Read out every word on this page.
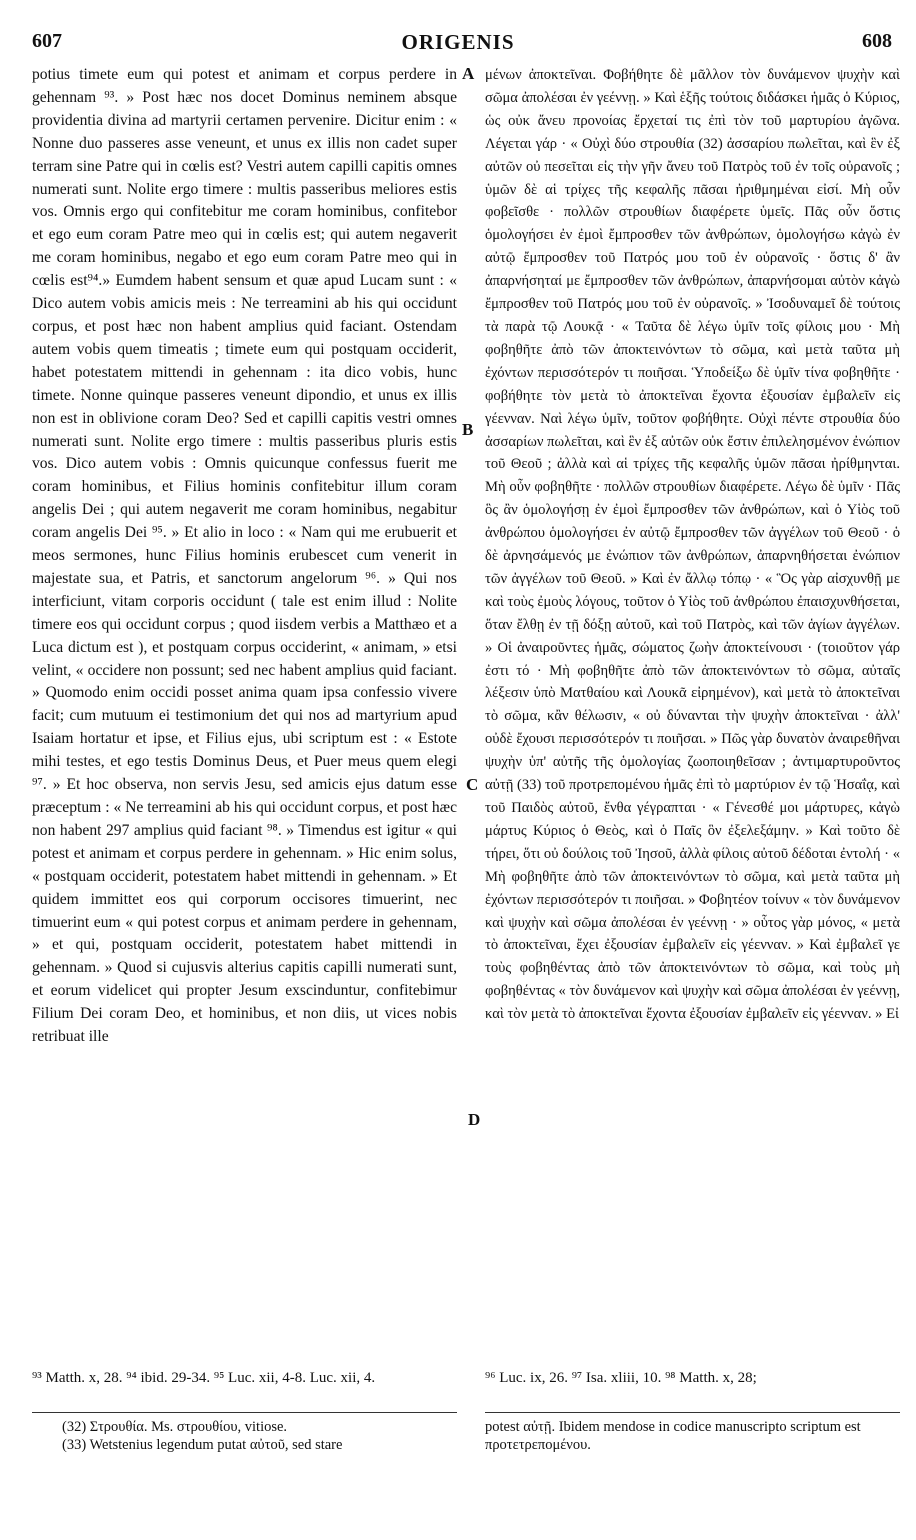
607	ORIGENIS	608

potius timete eum qui potest et animam et corpus perdere in gehennam ⁹³. » Post hæc nos docet Dominus neminem absque providentia divina ad martyrii certamen pervenire. Dicitur enim : « Nonne duo passeres asse veneunt, et unus ex illis non cadet super terram sine Patre qui in cœlis est? Vestri autem capilli capitis omnes numerati sunt. Nolite ergo timere : multis passeribus meliores estis vos. Omnis ergo qui confitebitur me coram hominibus, confitebor et ego eum coram Patre meo qui in cœlis est; qui autem negaverit me coram hominibus, negabo et ego eum coram Patre meo qui in cœlis est⁹⁴.» Eumdem habent sensum et quæ apud Lucam sunt : « Dico autem vobis amicis meis : Ne terreamini ab his qui occidunt corpus, et post hæc non habent amplius quid faciant. Ostendam autem vobis quem timeatis ; timete eum qui postquam occiderit, habet potestatem mittendi in gehennam : ita dico vobis, hunc timete. Nonne quinque passeres veneunt dipondio, et unus ex illis non est in oblivione coram Deo? Sed et capilli capitis vestri omnes numerati sunt. Nolite ergo timere : multis passeribus pluris estis vos. Dico autem vobis : Omnis quicunque confessus fuerit me coram hominibus, et Filius hominis confitebitur illum coram angelis Dei ; qui autem negaverit me coram hominibus, negabitur coram angelis Dei ⁹⁵. » Et alio in loco : « Nam qui me erubuerit et meos sermones, hunc Filius hominis erubescet cum venerit in majestate sua, et Patris, et sanctorum angelorum ⁹⁶. » Qui nos interficiunt, vitam corporis occidunt ( tale est enim illud : Nolite timere eos qui occidunt corpus ; quod iisdem verbis a Matthæo et a Luca dictum est ), et postquam corpus occiderint, « animam, » etsi velint, « occidere non possunt; sed nec habent amplius quid faciant. » Quomodo enim occidi posset anima quam ipsa confessio vivere facit; cum mutuum ei testimonium det qui nos ad martyrium apud Isaiam hortatur et ipse, et Filius ejus, ubi scriptum est : « Estote mihi testes, et ego testis Dominus Deus, et Puer meus quem elegi ⁹⁷. » Et hoc observa, non servis Jesu, sed amicis ejus datum esse præceptum : « Ne terreamini ab his qui occidunt corpus, et post hæc non habent 297 amplius quid faciant ⁹⁸. » Timendus est igitur « qui potest et animam et corpus perdere in gehennam. » Hic enim solus, « postquam occiderit, potestatem habet mittendi in gehennam. » Et quidem immittet eos qui corporum occisores timuerint, nec timuerint eum « qui potest corpus et animam perdere in gehennam, » et qui, postquam occiderit, potestatem habet mittendi in gehennam. » Quod si cujusvis alterius capitis capilli numerati sunt, et eorum videlicet qui propter Jesum exscinduntur, confitebimur Filium Dei coram Deo, et hominibus, et non diis, ut vices nobis retribuat ille

A
B
C
D

μένων ἀποκτεῖναι. Φοβήθητε δὲ μᾶλλον τὸν δυνάμενον ψυχὴν καὶ σῶμα ἀπολέσαι ἐν γεέννῃ. » Καὶ ἑξῆς τούτοις διδάσκει ἡμᾶς ὁ Κύριος, ὡς οὐκ ἄνευ προνοίας ἔρχεταί τις ἐπὶ τὸν τοῦ μαρτυρίου ἀγῶνα. Λέγεται γάρ · « Οὐχὶ δύο στρουθία (32) ἀσσαρίου πωλεῖται, καὶ ἓν ἐξ αὐτῶν οὐ πεσεῖται εἰς τὴν γῆν ἄνευ τοῦ Πατρὸς τοῦ ἐν τοῖς οὐρανοῖς ; ὑμῶν δὲ αἱ τρίχες τῆς κεφαλῆς πᾶσαι ἠριθμημέναι εἰσί. Μὴ οὖν φοβεῖσθε · πολλῶν στρουθίων διαφέρετε ὑμεῖς. Πᾶς οὖν ὅστις ὁμολογήσει ἐν ἐμοὶ ἔμπροσθεν τῶν ἀνθρώπων, ὁμολογήσω κἀγὼ ἐν αὐτῷ ἔμπροσθεν τοῦ Πατρός μου τοῦ ἐν οὐρανοῖς · ὅστις δ' ἂν ἀπαρνήσηταί με ἔμπροσθεν τῶν ἀνθρώπων, ἀπαρνήσομαι αὐτὸν κἀγὼ ἔμπροσθεν τοῦ Πατρός μου τοῦ ἐν οὐρανοῖς. » Ἰσοδυναμεῖ δὲ τούτοις τὰ παρὰ τῷ Λουκᾷ · « Ταῦτα δὲ λέγω ὑμῖν τοῖς φίλοις μου · Μὴ φοβηθῆτε ἀπὸ τῶν ἀποκτεινόντων τὸ σῶμα, καὶ μετὰ ταῦτα μὴ ἐχόντων περισσότερόν τι ποιῆσαι. Ὑποδείξω δὲ ὑμῖν τίνα φοβηθῆτε · φοβήθητε τὸν μετὰ τὸ ἀποκτεῖναι ἔχοντα ἐξουσίαν ἐμβαλεῖν εἰς γέενναν. Ναὶ λέγω ὑμῖν, τοῦτον φοβήθητε. Οὐχὶ πέντε στρουθία δύο ἀσσαρίων πωλεῖται, καὶ ἓν ἐξ αὐτῶν οὐκ ἔστιν ἐπιλελησμένον ἐνώπιον τοῦ Θεοῦ ; ἀλλὰ καὶ αἱ τρίχες τῆς κεφαλῆς ὑμῶν πᾶσαι ἠρίθμηνται. Μὴ οὖν φοβηθῆτε · πολλῶν στρουθίων διαφέρετε. Λέγω δὲ ὑμῖν · Πᾶς ὃς ἂν ὁμολογήσῃ ἐν ἐμοὶ ἔμπροσθεν τῶν ἀνθρώπων, καὶ ὁ Υἱὸς τοῦ ἀνθρώπου ὁμολογήσει ἐν αὐτῷ ἔμπροσθεν τῶν ἀγγέλων τοῦ Θεοῦ · ὁ δὲ ἀρνησάμενός με ἐνώπιον τῶν ἀνθρώπων, ἀπαρνηθήσεται ἐνώπιον τῶν ἀγγέλων τοῦ Θεοῦ. » Καὶ ἐν ἄλλῳ τόπῳ · « Ὃς γὰρ αἰσχυνθῇ με καὶ τοὺς ἐμοὺς λόγους, τοῦτον ὁ Υἱὸς τοῦ ἀνθρώπου ἐπαισχυνθήσεται, ὅταν ἔλθῃ ἐν τῇ δόξῃ αὐτοῦ, καὶ τοῦ Πατρὸς, καὶ τῶν ἁγίων ἀγγέλων. » Οἱ ἀναιροῦντες ἡμᾶς, σώματος ζωὴν ἀποκτείνουσι · (τοιοῦτον γάρ ἐστι τό · Μὴ φοβηθῆτε ἀπὸ τῶν ἀποκτεινόντων τὸ σῶμα, αὐταῖς λέξεσιν ὑπὸ Ματθαίου καὶ Λουκᾶ εἰρημένον), καὶ μετὰ τὸ ἀποκτεῖναι τὸ σῶμα, κἂν θέλωσιν, « οὐ δύνανται τὴν ψυχὴν ἀποκτεῖναι · ἀλλ' οὐδὲ ἔχουσι περισσότερόν τι ποιῆσαι. » Πῶς γὰρ δυνατὸν ἀναιρεθῆναι ψυχὴν ὑπ' αὐτῆς τῆς ὁμολογίας ζωοποιηθεῖσαν ; ἀντιμαρτυροῦντος αὐτῇ (33) τοῦ προτρεπομένου ἡμᾶς ἐπὶ τὸ μαρτύριον ἐν τῷ Ἡσαΐᾳ, καὶ τοῦ Παιδὸς αὐτοῦ, ἔνθα γέγραπται · « Γένεσθέ μοι μάρτυρες, κἀγὼ μάρτυς Κύριος ὁ Θεὸς, καὶ ὁ Παῖς ὃν ἐξελεξάμην. » Καὶ τοῦτο δὲ τήρει, ὅτι οὐ δούλοις τοῦ Ἰησοῦ, ἀλλὰ φίλοις αὐτοῦ δέδοται ἐντολή · « Μὴ φοβηθῆτε ἀπὸ τῶν ἀποκτεινόντων τὸ σῶμα, καὶ μετὰ ταῦτα μὴ ἐχόντων περισσότερόν τι ποιῆσαι. » Φοβητέον τοίνυν « τὸν δυνάμενον καὶ ψυχὴν καὶ σῶμα ἀπολέσαι ἐν γεέννῃ · » οὗτος γὰρ μόνος, « μετὰ τὸ ἀποκτεῖναι, ἔχει ἐξουσίαν ἐμβαλεῖν εἰς γέενναν. » Καὶ ἐμβαλεῖ γε τοὺς φοβηθέντας ἀπὸ τῶν ἀποκτεινόντων τὸ σῶμα, καὶ τοὺς μὴ φοβηθέντας « τὸν δυνάμενον καὶ ψυχὴν καὶ σῶμα ἀπολέσαι ἐν γεέννῃ, καὶ τὸν μετὰ τὸ ἀποκτεῖναι ἔχοντα ἐξουσίαν ἐμβαλεῖν εἰς γέενναν. » Εἰ

⁹³ Matth. x, 28. ⁹⁴ ibid. 29-34. ⁹⁵ Luc. xii, 4-8. Luc. xii, 4.	⁹⁶ Luc. ix, 26. ⁹⁷ Isa. xliii, 10. ⁹⁸ Matth. x, 28;

(32) Στρουθία. Ms. στρουθίου, vitiose.

(33) Wetstenius legendum putat αὐτοῦ, sed stare

potest αὐτῇ. Ibidem mendose in codice manuscripto scriptum est προτετρεπομένου.
